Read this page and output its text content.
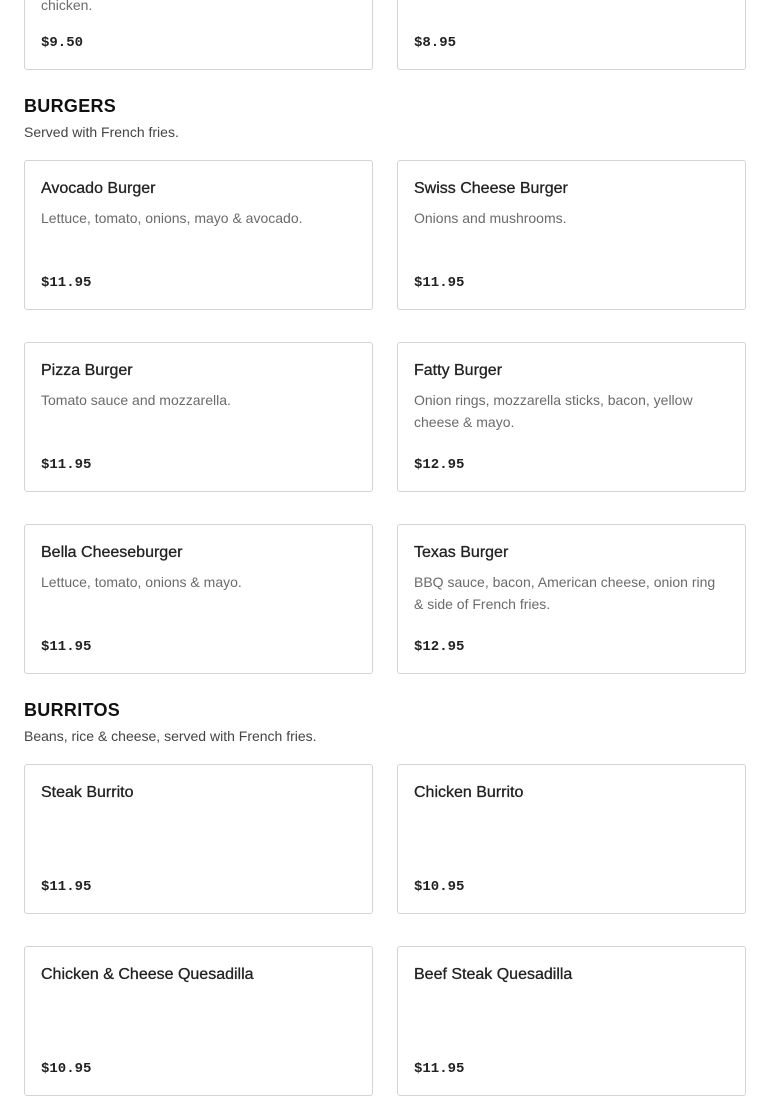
chicken.
$9.50	$8.95
BURGERS
Served with French fries.
Avocado Burger
Lettuce, tomato, onions, mayo & avocado.
$11.95
Swiss Cheese Burger
Onions and mushrooms.
$11.95
Pizza Burger
Tomato sauce and mozzarella.
$11.95
Fatty Burger
Onion rings, mozzarella sticks, bacon, yellow cheese & mayo.
$12.95
Bella Cheeseburger
Lettuce, tomato, onions & mayo.
$11.95
Texas Burger
BBQ sauce, bacon, American cheese, onion ring & side of French fries.
$12.95
BURRITOS
Beans, rice & cheese, served with French fries.
Steak Burrito
$11.95
Chicken Burrito
$10.95
Chicken & Cheese Quesadilla
$10.95
Beef Steak Quesadilla
$11.95
